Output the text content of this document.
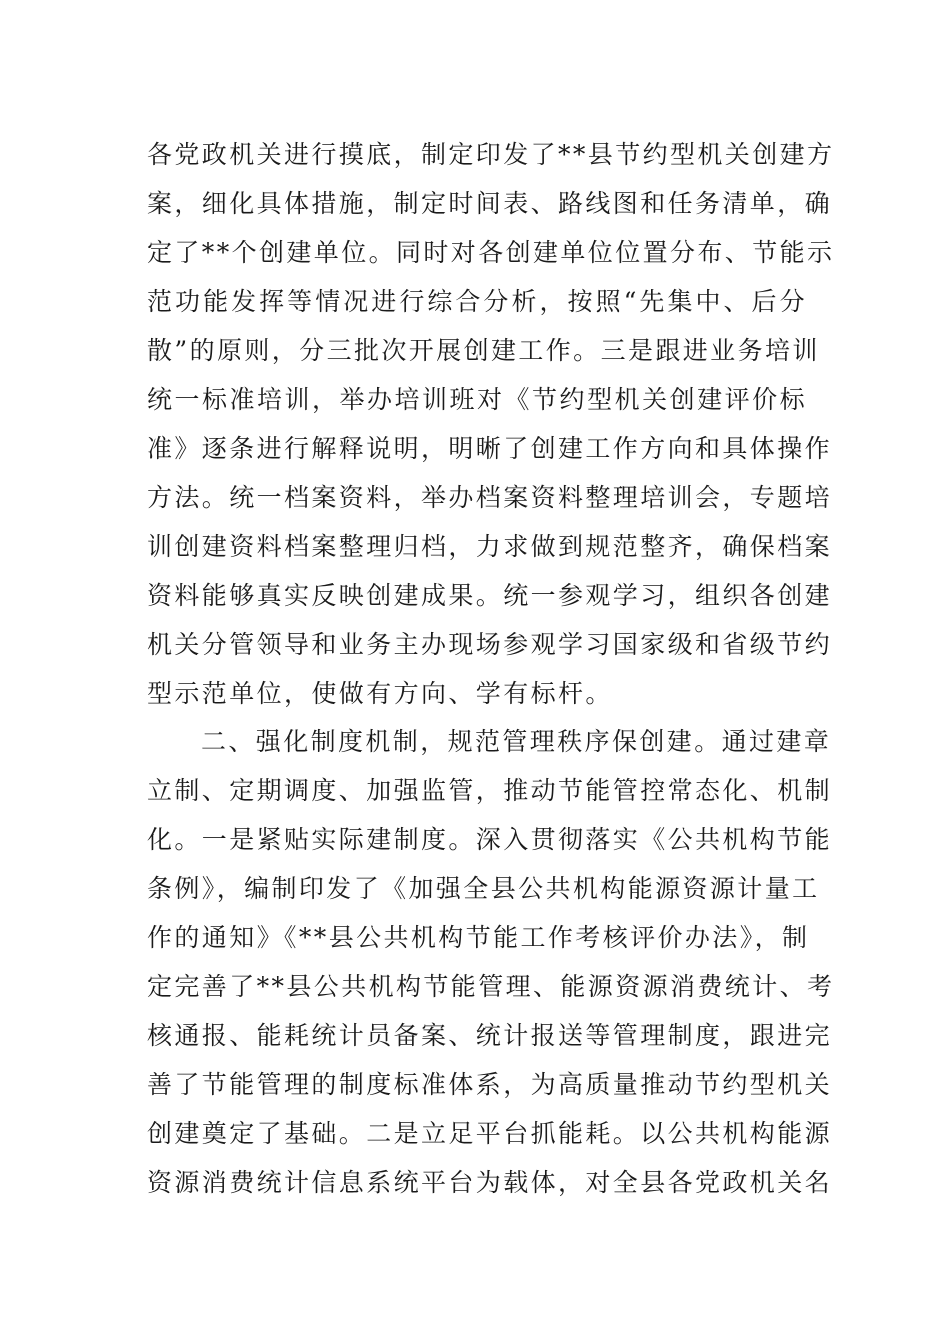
各党政机关进行摸底，制定印发了**县节约型机关创建方
案，细化具体措施，制定时间表、路线图和任务清单，确
定了**个创建单位。同时对各创建单位位置分布、节能示
范功能发挥等情况进行综合分析，按照“先集中、后分
散”的原则，分三批次开展创建工作。三是跟进业务培训
统一标准培训，举办培训班对《节约型机关创建评价标
准》逐条进行解释说明，明晰了创建工作方向和具体操作
方法。统一档案资料，举办档案资料整理培训会，专题培
训创建资料档案整理归档，力求做到规范整齐，确保档案
资料能够真实反映创建成果。统一参观学习，组织各创建
机关分管领导和业务主办现场参观学习国家级和省级节约
型示范单位，使做有方向、学有标杆。
二、强化制度机制，规范管理秩序保创建。通过建章
立制、定期调度、加强监管，推动节能管控常态化、机制
化。一是紧贴实际建制度。深入贯彻落实《公共机构节能
条例》，编制印发了《加强全县公共机构能源资源计量工
作的通知》《**县公共机构节能工作考核评价办法》，制
定完善了**县公共机构节能管理、能源资源消费统计、考
核通报、能耗统计员备案、统计报送等管理制度，跟进完
善了节能管理的制度标准体系，为高质量推动节约型机关
创建奠定了基础。二是立足平台抓能耗。以公共机构能源
资源消费统计信息系统平台为载体，对全县各党政机关名
